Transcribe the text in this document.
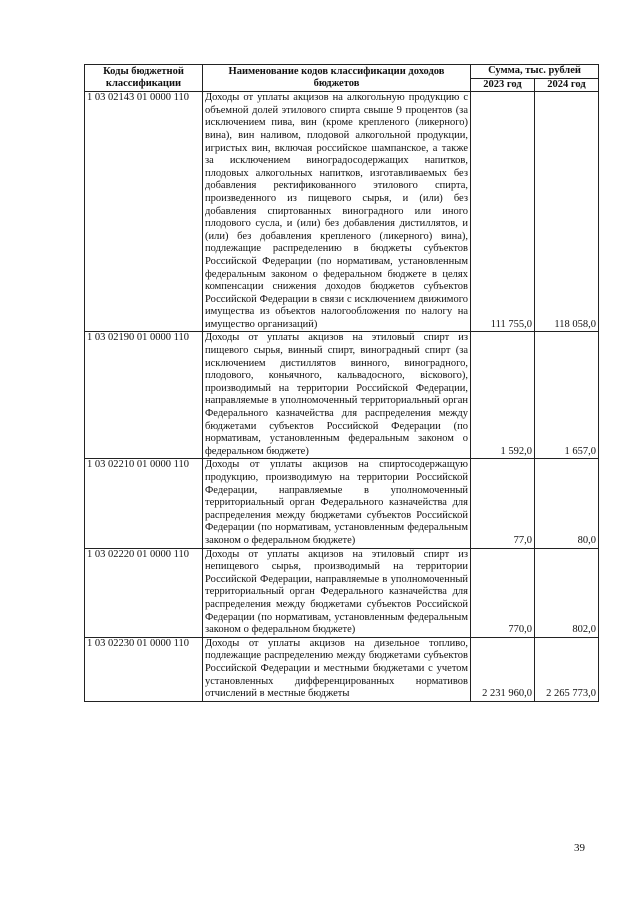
Коды бюджетной классификации	Наименование кодов классификации доходов бюджетов	Сумма, тыс. рублей	
		2023 год	2024 год
1 03 02143 01 0000 110	Доходы от уплаты акцизов на алкогольную продукцию с объемной долей этилового спирта свыше 9 процентов (за исключением пива, вин (кроме крепленого (ликерного) вина), вин наливом, плодовой алкогольной продукции, игристых вин, включая российское шампанское, а также за исключением виноградосодержащих напитков, плодовых алкогольных напитков, изготавливаемых без добавления ректификованного этилового спирта, произведенного из пищевого сырья, и (или) без добавления спиртованных виноградного или иного плодового сусла, и (или) без добавления дистиллятов, и (или) без добавления крепленого (ликерного) вина), подлежащие распределению в бюджеты субъектов Российской Федерации (по нормативам, установленным федеральным законом о федеральном бюджете в целях компенсации снижения доходов бюджетов субъектов Российской Федерации в связи с исключением движимого имущества из объектов налогообложения по налогу на имущество организаций)	111 755,0	118 058,0
1 03 02190 01 0000 110	Доходы от уплаты акцизов на этиловый спирт из пищевого сырья, винный спирт, виноградный спирт (за исключением дистиллятов винного, виноградного, плодового, коньячного, кальвадосного, віскового), производимый на территории Российской Федерации, направляемые в уполномоченный территориальный орган Федерального казначейства для распределения между бюджетами субъектов Российской Федерации (по нормативам, установленным федеральным законом о федеральном бюджете)	1 592,0	1 657,0
1 03 02210 01 0000 110	Доходы от уплаты акцизов на спиртосодержащую продукцию, производимую на территории Российской Федерации, направляемые в уполномоченный территориальный орган Федерального казначейства для распределения между бюджетами субъектов Российской Федерации (по нормативам, установленным федеральным законом о федеральном бюджете)	77,0	80,0
1 03 02220 01 0000 110	Доходы от уплаты акцизов на этиловый спирт из непищевого сырья, производимый на территории Российской Федерации, направляемые в уполномоченный территориальный орган Федерального казначейства для распределения между бюджетами субъектов Российской Федерации (по нормативам, установленным федеральным законом о федеральном бюджете)	770,0	802,0
1 03 02230 01 0000 110	Доходы от уплаты акцизов на дизельное топливо, подлежащие распределению между бюджетами субъектов Российской Федерации и местными бюджетами с учетом установленных дифференцированных нормативов отчислений в местные бюджеты	2 231 960,0	2 265 773,0
39
